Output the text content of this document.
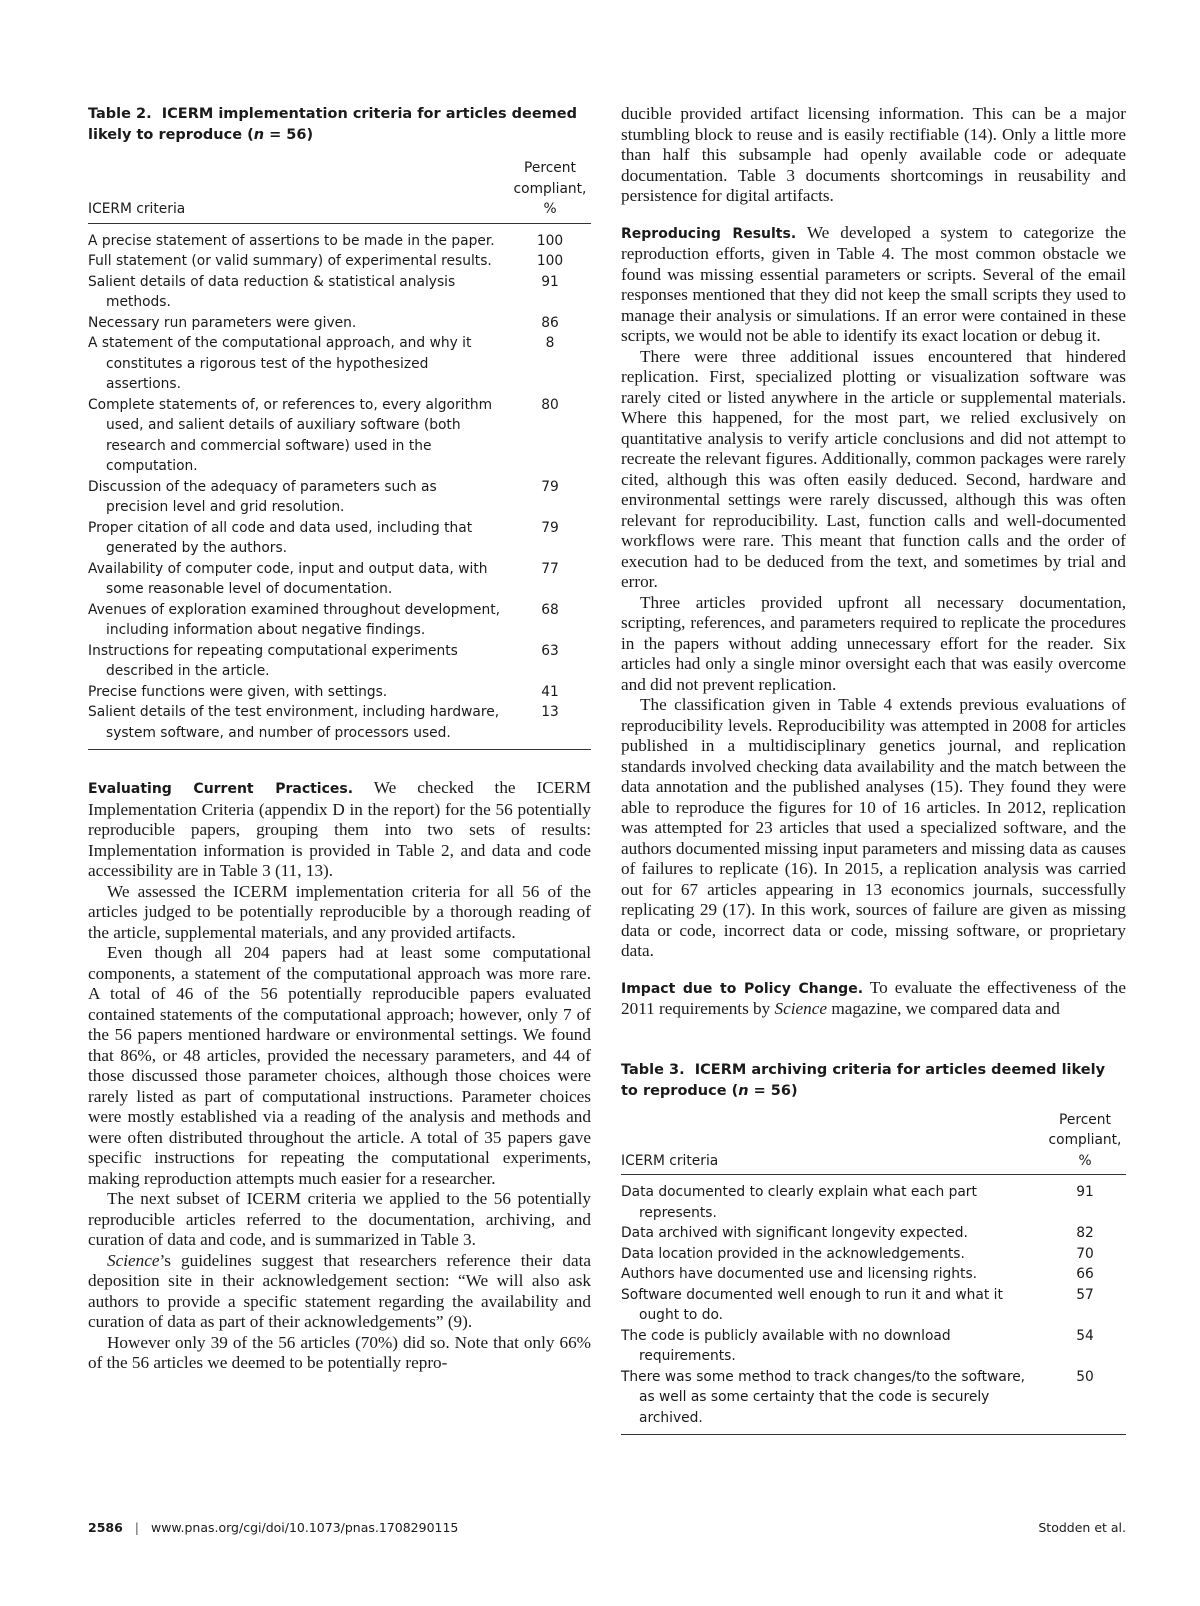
Table 2. ICERM implementation criteria for articles deemed likely to reproduce (n = 56)

ICERM criteria	Percent compliant, %
A precise statement of assertions to be made in the paper.	100
Full statement (or valid summary) of experimental results.	100
Salient details of data reduction & statistical analysis methods.	91
Necessary run parameters were given.	86
A statement of the computational approach, and why it constitutes a rigorous test of the hypothesized assertions.	8
Complete statements of, or references to, every algorithm used, and salient details of auxiliary software (both research and commercial software) used in the computation.	80
Discussion of the adequacy of parameters such as precision level and grid resolution.	79
Proper citation of all code and data used, including that generated by the authors.	79
Availability of computer code, input and output data, with some reasonable level of documentation.	77
Avenues of exploration examined throughout development, including information about negative findings.	68
Instructions for repeating computational experiments described in the article.	63
Precise functions were given, with settings.	41
Salient details of the test environment, including hardware, system software, and number of processors used.	13

Evaluating Current Practices. We checked the ICERM Implementation Criteria (appendix D in the report) for the 56 potentially reproducible papers, grouping them into two sets of results: Implementation information is provided in Table 2, and data and code accessibility are in Table 3 (11, 13).

We assessed the ICERM implementation criteria for all 56 of the articles judged to be potentially reproducible by a thorough reading of the article, supplemental materials, and any provided artifacts.

Even though all 204 papers had at least some computational components, a statement of the computational approach was more rare. A total of 46 of the 56 potentially reproducible papers evaluated contained statements of the computational approach; however, only 7 of the 56 papers mentioned hardware or environmental settings. We found that 86%, or 48 articles, provided the necessary parameters, and 44 of those discussed those parameter choices, although those choices were rarely listed as part of computational instructions. Parameter choices were mostly established via a reading of the analysis and methods and were often distributed throughout the article. A total of 35 papers gave specific instructions for repeating the computational experiments, making reproduction attempts much easier for a researcher.

The next subset of ICERM criteria we applied to the 56 potentially reproducible articles referred to the documentation, archiving, and curation of data and code, and is summarized in Table 3.

Science’s guidelines suggest that researchers reference their data deposition site in their acknowledgement section: “We will also ask authors to provide a specific statement regarding the availability and curation of data as part of their acknowledgements” (9).

However only 39 of the 56 articles (70%) did so. Note that only 66% of the 56 articles we deemed to be potentially repro-

ducible provided artifact licensing information. This can be a major stumbling block to reuse and is easily rectifiable (14). Only a little more than half this subsample had openly available code or adequate documentation. Table 3 documents shortcomings in reusability and persistence for digital artifacts.

Reproducing Results. We developed a system to categorize the reproduction efforts, given in Table 4. The most common obstacle we found was missing essential parameters or scripts. Several of the email responses mentioned that they did not keep the small scripts they used to manage their analysis or simulations. If an error were contained in these scripts, we would not be able to identify its exact location or debug it.

There were three additional issues encountered that hindered replication. First, specialized plotting or visualization software was rarely cited or listed anywhere in the article or supplemental materials. Where this happened, for the most part, we relied exclusively on quantitative analysis to verify article conclusions and did not attempt to recreate the relevant figures. Additionally, common packages were rarely cited, although this was often easily deduced. Second, hardware and environmental settings were rarely discussed, although this was often relevant for reproducibility. Last, function calls and well-documented workflows were rare. This meant that function calls and the order of execution had to be deduced from the text, and sometimes by trial and error.

Three articles provided upfront all necessary documentation, scripting, references, and parameters required to replicate the procedures in the papers without adding unnecessary effort for the reader. Six articles had only a single minor oversight each that was easily overcome and did not prevent replication.

The classification given in Table 4 extends previous evaluations of reproducibility levels. Reproducibility was attempted in 2008 for articles published in a multidisciplinary genetics journal, and replication standards involved checking data availability and the match between the data annotation and the published analyses (15). They found they were able to reproduce the figures for 10 of 16 articles. In 2012, replication was attempted for 23 articles that used a specialized software, and the authors documented missing input parameters and missing data as causes of failures to replicate (16). In 2015, a replication analysis was carried out for 67 articles appearing in 13 economics journals, successfully replicating 29 (17). In this work, sources of failure are given as missing data or code, incorrect data or code, missing software, or proprietary data.

Impact due to Policy Change. To evaluate the effectiveness of the 2011 requirements by Science magazine, we compared data and

Table 3. ICERM archiving criteria for articles deemed likely to reproduce (n = 56)

ICERM criteria	Percent compliant, %
Data documented to clearly explain what each part represents.	91
Data archived with significant longevity expected.	82
Data location provided in the acknowledgements.	70
Authors have documented use and licensing rights.	66
Software documented well enough to run it and what it ought to do.	57
The code is publicly available with no download requirements.	54
There was some method to track changes/to the software, as well as some certainty that the code is securely archived.	50
2586 | www.pnas.org/cgi/doi/10.1073/pnas.1708290115	Stodden et al.
